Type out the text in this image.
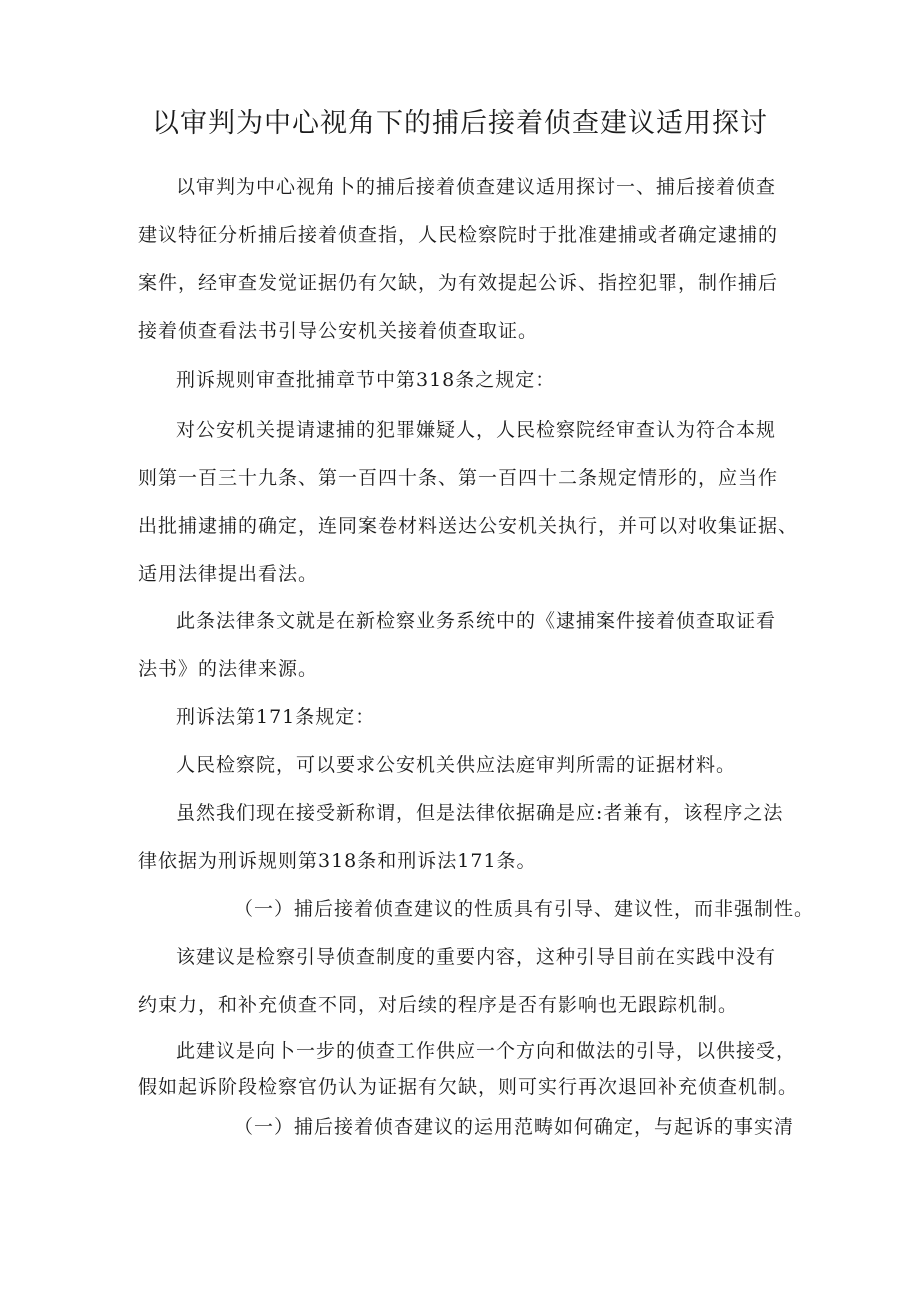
以审判为中心视角下的捕后接着侦查建议适用探讨
以审判为中心视角卜的捕后接着侦查建议适用探讨一、捕后接着侦查
建议特征分析捕后接着侦查指，人民检察院时于批准建捕或者确定逮捕的
案件，经审查发觉证据仍有欠缺，为有效提起公诉、指控犯罪，制作捕后
接着侦查看法书引导公安机关接着侦查取证。
刑诉规则审查批捕章节中第318条之规定：
对公安机关提请逮捕的犯罪嫌疑人，人民检察院经审查认为符合本规
则第一百三十九条、第一百四十条、第一百四十二条规定情形的，应当作
出批捕逮捕的确定，连同案卷材料送达公安机关执行，并可以对收集证据、
适用法律提出看法。
此条法律条文就是在新检察业务系统中的《逮捕案件接着侦查取证看
法书》的法律来源。
刑诉法第171条规定：
人民检察院，可以要求公安机关供应法庭审判所需的证据材料。
虽然我们现在接受新称谓，但是法律依据确是应:者兼有，该程序之法
律依据为刑诉规则第318条和刑诉法171条。
（一）捕后接着侦查建议的性质具有引导、建议性，而非强制性。
该建议是检察引导侦查制度的重要内容，这种引导目前在实践中没有
约束力，和补充侦查不同，对后续的程序是否有影响也无跟踪机制。
此建议是向卜一步的侦查工作供应一个方向和做法的引导，以供接受，
假如起诉阶段检察官仍认为证据有欠缺，则可实行再次退回补充侦查机制。
（一）捕后接着侦杳建议的运用范畴如何确定，与起诉的事实清
